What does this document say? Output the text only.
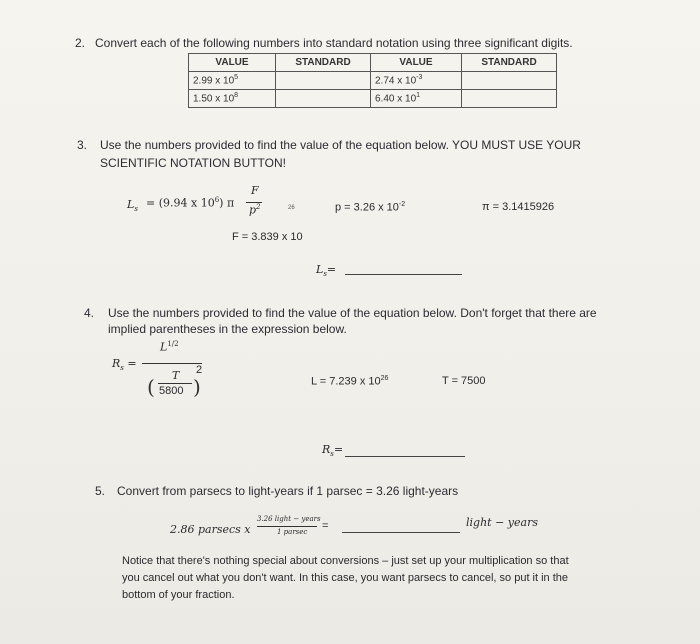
2. Convert each of the following numbers into standard notation using three significant digits.
VALUE	STANDARD	VALUE	STANDARD
2.99 x $10^5$		2.74 x $10^{-3}$	
1.50 x $10^8$		6.40 x $10^1$	
3. Use the numbers provided to find the value of the equation below. YOU MUST USE YOUR
SCIENTIFIC NOTATION BUTTON!
$L_s = (9.94$ x $10^6$) π
F
$p^2$	26	p = 3.26 x $10^{-2}$	π = 3.1415926
F = 3.839 x 10
$L_s=$
4. Use the numbers provided to find the value of the equation below. Don't forget that there are
implied parentheses in the expression below.
$R_s$ =
$L^{1/2}$
T
( 5800 )
2
L = 7.239 x $10^{26}$	T = 7500
$R_s=$
5. Convert from parsecs to light-years if 1 parsec = 3.26 light-years
2.86 parsecs x
3.26 light − years
1 parsec =	light − years
Notice that there's nothing special about conversions – just set up your multiplication so that
you cancel out what you don't want. In this case, you want parsecs to cancel, so put it in the
bottom of your fraction.
